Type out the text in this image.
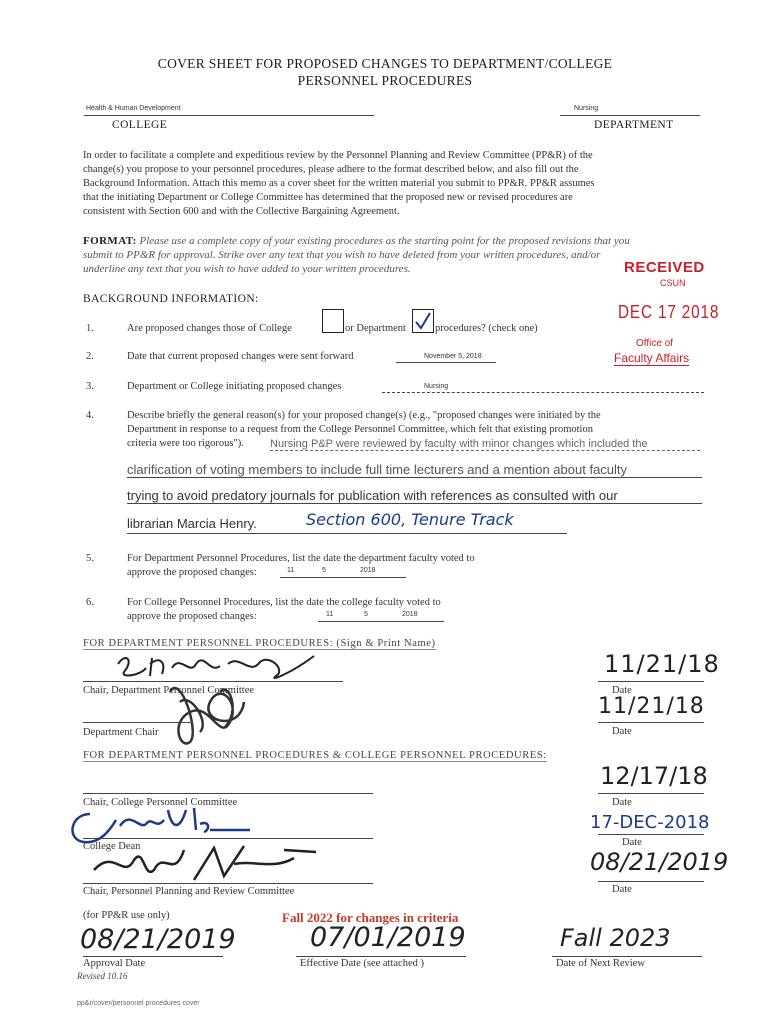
COVER SHEET FOR PROPOSED CHANGES TO DEPARTMENT/COLLEGE
PERSONNEL PROCEDURES
Health & Human Development
COLLEGE
Nursing
DEPARTMENT
In order to facilitate a complete and expeditious review by the Personnel Planning and Review Committee (PP&R) of the
change(s) you propose to your personnel procedures, please adhere to the format described below, and also fill out the
Background Information. Attach this memo as a cover sheet for the written material you submit to PP&R. PP&R assumes
that the initiating Department or College Committee has determined that the proposed new or revised procedures are
consistent with Section 600 and with the Collective Bargaining Agreement.
FORMAT: Please use a complete copy of your existing procedures as the starting point for the proposed revisions that you
submit to PP&R for approval. Strike over any text that you wish to have deleted from your written procedures, and/or
underline any text that you wish to have added to your written procedures.	RECEIVED
CSUN
DEC 17 2018
Office of
Faculty Affairs
BACKGROUND INFORMATION:
1.	Are proposed changes those of College	or Department	procedures? (check one)
2.	Date that current proposed changes were sent forward	November 5, 2018
3.	Department or College initiating proposed changes	Nursing
4.	Describe briefly the general reason(s) for your proposed change(s) (e.g., "proposed changes were initiated by the
Department in response to a request from the College Personnel Committee, which felt that existing promotion
criteria were too rigorous").	Nursing P&P were reviewed by faculty with minor changes which included the
clarification of voting members to include full time lecturers and a mention about faculty
trying to avoid predatory journals for publication with references as consulted with our
librarian Marcia Henry.	Section 600, Tenure Track
5.	For Department Personnel Procedures, list the date the department faculty voted to
approve the proposed changes:	11	5	2018
6.	For College Personnel Procedures, list the date the college faculty voted to
approve the proposed changes:	11	5	2018
FOR DEPARTMENT PERSONNEL PROCEDURES: (Sign & Print Name)
Chair, Department Personnel Committee
11/21/18
Date
Department Chair
11/21/18
Date
FOR DEPARTMENT PERSONNEL PROCEDURES & COLLEGE PERSONNEL PROCEDURES:
Chair, College Personnel Committee
12/17/18
Date
College Dean
17-DEC-2018
Date
Chair, Personnel Planning and Review Committee
08/21/2019
Date
(for PP&R use only)	Fall 2022 for changes in criteria
08/21/2019
Approval Date
07/01/2019
Effective Date (see attached )
Fall 2023
Date of Next Review
Revised 10.16
pp&r/cover/personnel procedures cover
